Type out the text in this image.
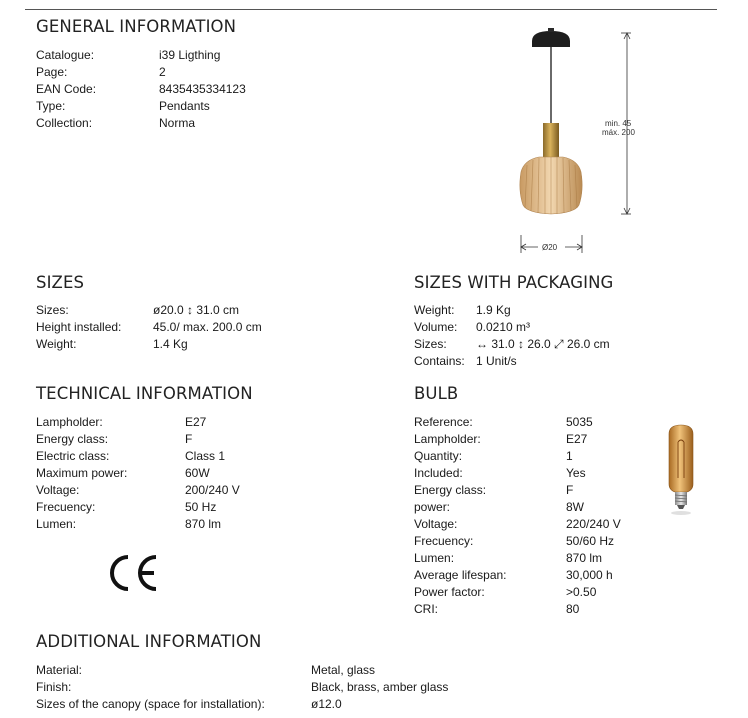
GENERAL INFORMATION
Catalogue:	i39 Ligthing
Page:	2
EAN Code:	8435435334123
Type:	Pendants
Collection:	Norma	min. 45
máx. 200
Ø20
SIZES
Sizes:	ø20.0 ↕ 31.0 cm
Height installed:	45.0/ max. 200.0 cm
Weight:	1.4 Kg
SIZES WITH PACKAGING
Weight:	1.9 Kg
Volume:	0.0210 m³
Sizes:	↔ 31.0 ↕ 26.0 ⤢ 26.0 cm
Contains: 1 Unit/s
TECHNICAL INFORMATION
Lampholder:	E27
Energy class:	F
Electric class:	Class 1
Maximum power:	60W
Voltage:	200/240 V
Frecuency:	50 Hz
Lumen:	870 lm
BULB
Reference:	5035
Lampholder:	E27
Quantity:	1
Included:	Yes
Energy class:	F
power:	8W
Voltage:	220/240 V
Frecuency:	50/60 Hz
Lumen:	870 lm
Average lifespan:	30,000 h
Power factor:	>0.50
CRI:	80
ADDITIONAL INFORMATION
Material:	Metal, glass
Finish:	Black, brass, amber glass
Sizes of the canopy (space for installation):	ø12.0
